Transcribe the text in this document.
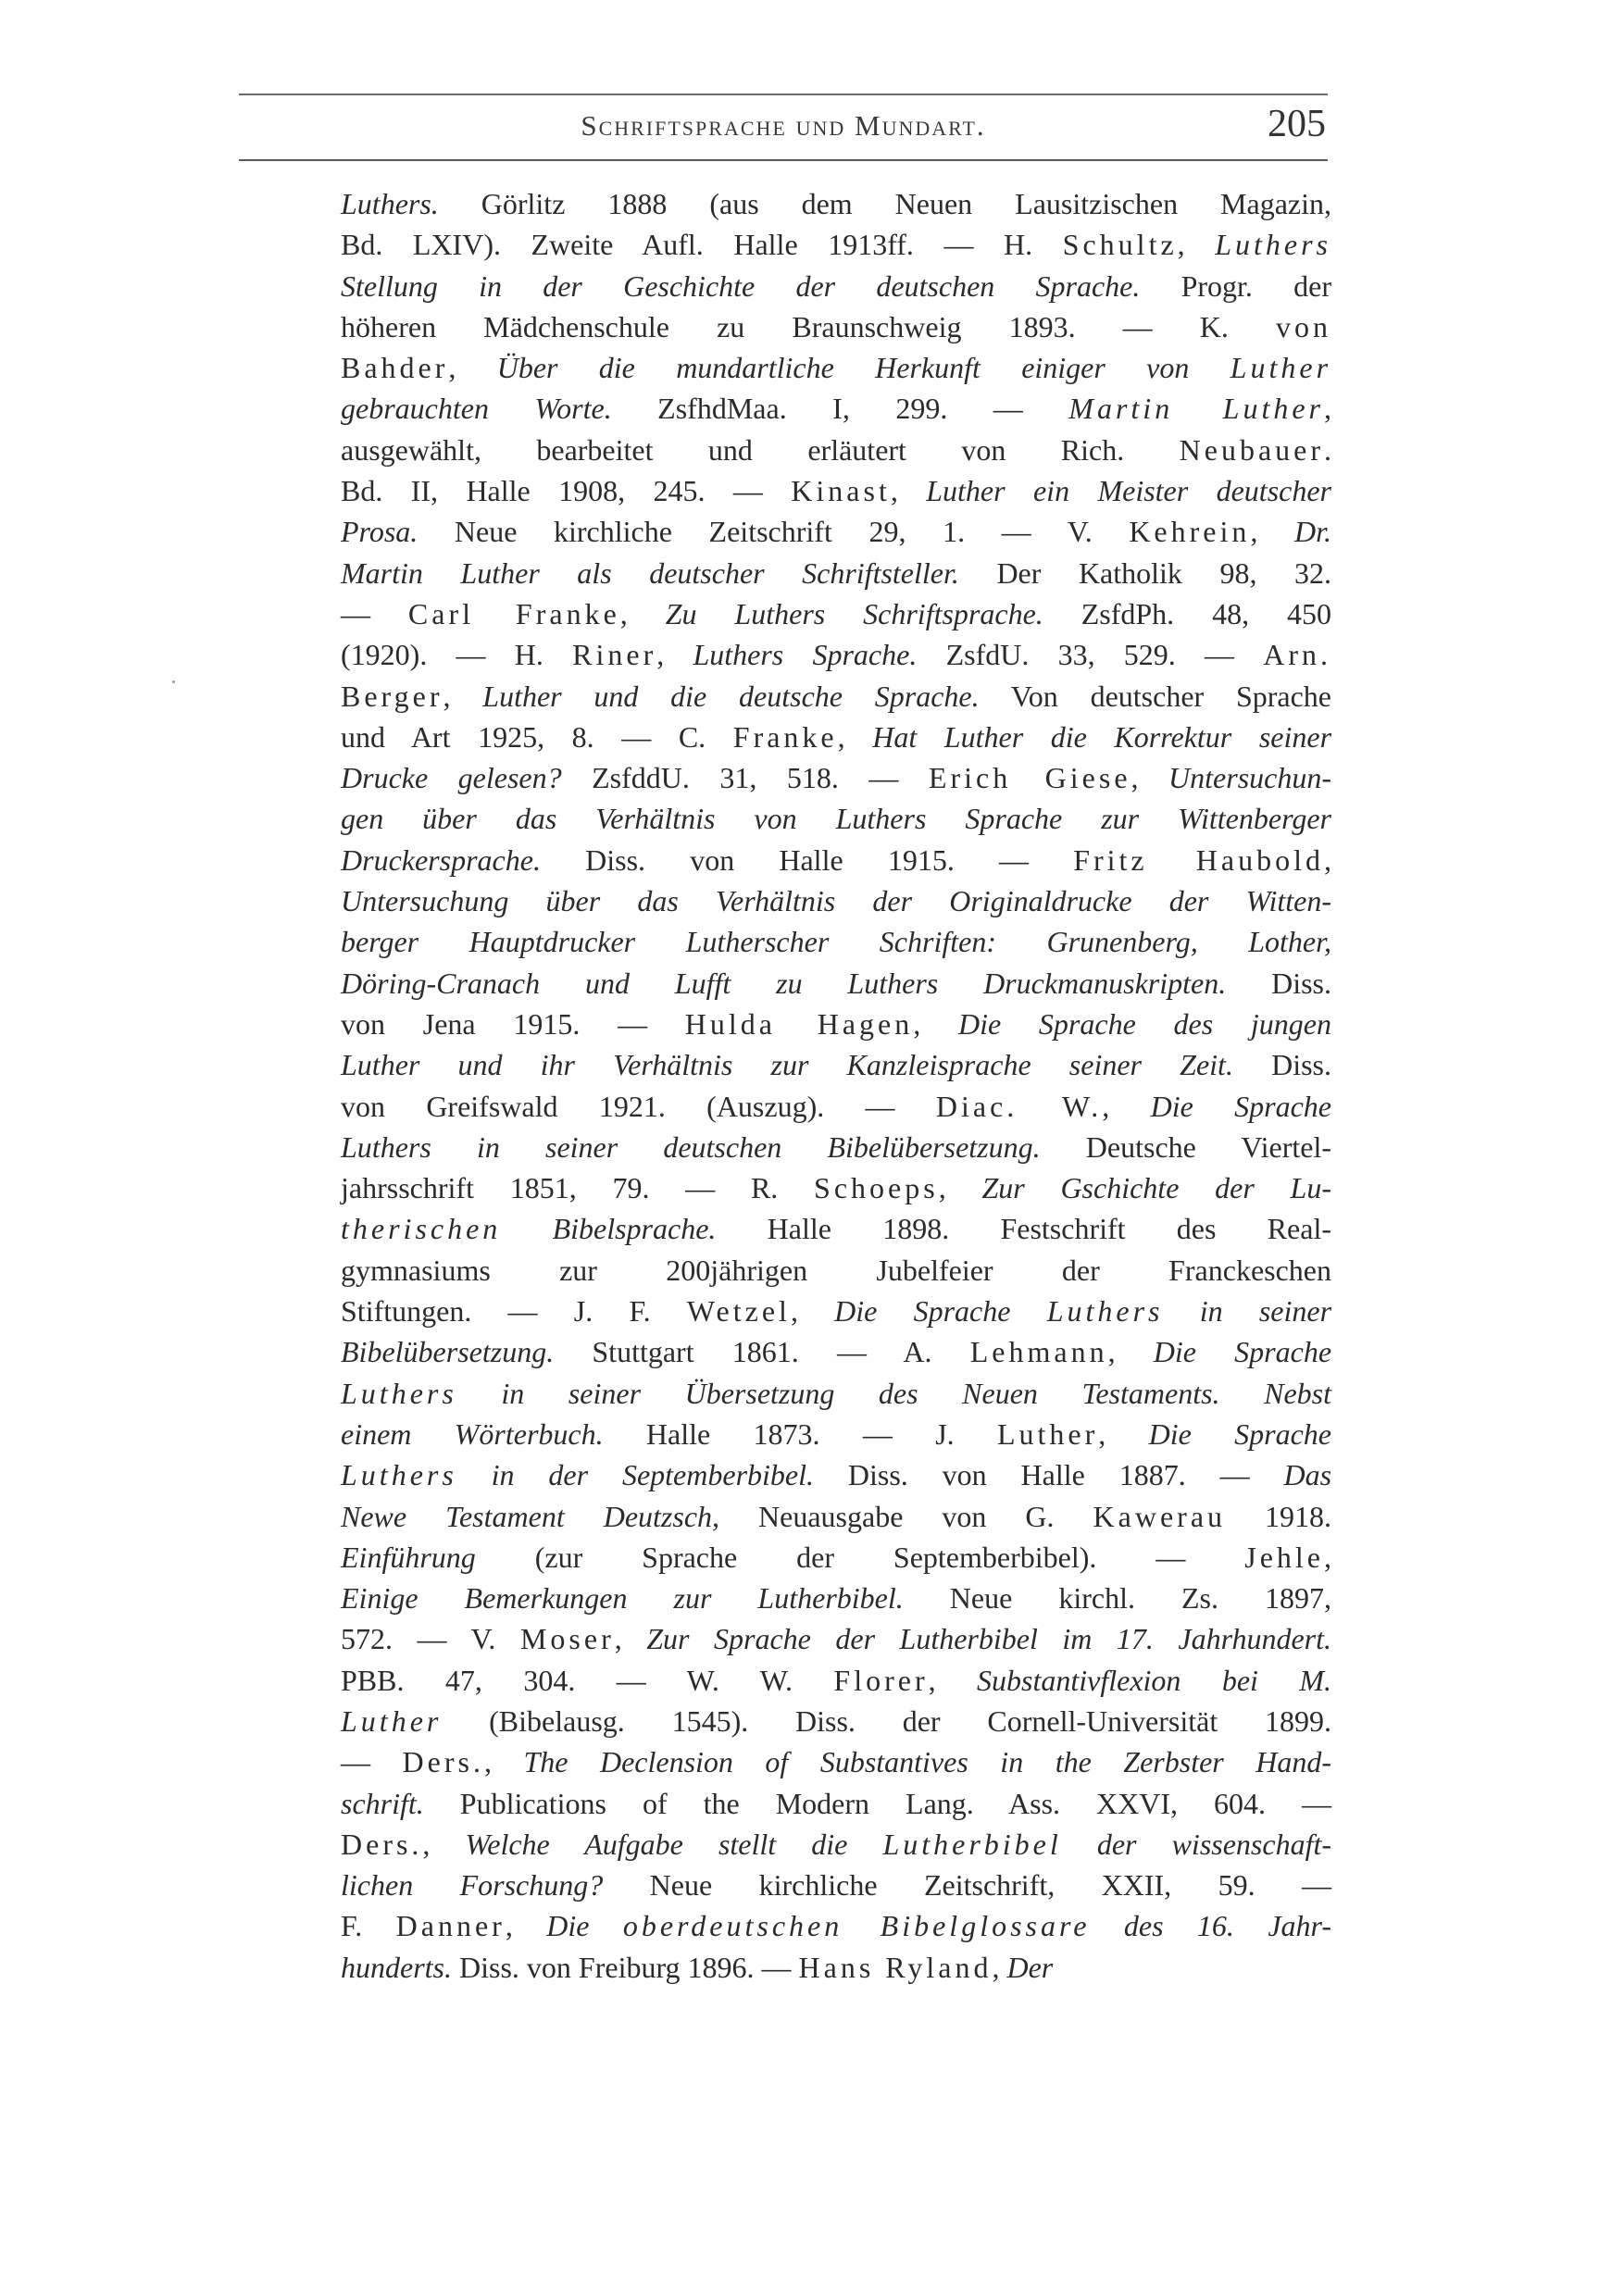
Schriftsprache und Mundart.	205
Luthers. Görlitz 1888 (aus dem Neuen Lausitzischen Magazin,
Bd. LXIV). Zweite Aufl. Halle 1913ff. — H. Schultz, Luthers
Stellung in der Geschichte der deutschen Sprache. Progr. der
höheren Mädchenschule zu Braunschweig 1893. — K. von
Bahder, Über die mundartliche Herkunft einiger von Luther
gebrauchten Worte. ZsfhdMaa. I, 299. — Martin Luther,
ausgewählt, bearbeitet und erläutert von Rich. Neubauer.
Bd. II, Halle 1908, 245. — Kinast, Luther ein Meister deutscher
Prosa. Neue kirchliche Zeitschrift 29, 1. — V. Kehrein, Dr.
Martin Luther als deutscher Schriftsteller. Der Katholik 98, 32.
— Carl Franke, Zu Luthers Schriftsprache. ZsfdPh. 48, 450
(1920). — H. Riner, Luthers Sprache. ZsfdU. 33, 529. — Arn.
Berger, Luther und die deutsche Sprache. Von deutscher Sprache
und Art 1925, 8. — C. Franke, Hat Luther die Korrektur seiner
Drucke gelesen? ZsfddU. 31, 518. — Erich Giese, Untersuchun-
gen über das Verhältnis von Luthers Sprache zur Wittenberger
Druckersprache. Diss. von Halle 1915. — Fritz Haubold,
Untersuchung über das Verhältnis der Originaldrucke der Witten-
berger Hauptdrucker Lutherscher Schriften: Grunenberg, Lother,
Döring-Cranach und Lufft zu Luthers Druckmanuskripten. Diss.
von Jena 1915. — Hulda Hagen, Die Sprache des jungen
Luther und ihr Verhältnis zur Kanzleisprache seiner Zeit. Diss.
von Greifswald 1921. (Auszug). — Diac. W., Die Sprache
Luthers in seiner deutschen Bibelübersetzung. Deutsche Viertel-
jahrsschrift 1851, 79. — R. Schoeps, Zur Gschichte der Lu-
therischen Bibelsprache. Halle 1898. Festschrift des Real-
gymnasiums zur 200jährigen Jubelfeier der Franckeschen
Stiftungen. — J. F. Wetzel, Die Sprache Luthers in seiner
Bibelübersetzung. Stuttgart 1861. — A. Lehmann, Die Sprache
Luthers in seiner Übersetzung des Neuen Testaments. Nebst
einem Wörterbuch. Halle 1873. — J. Luther, Die Sprache
Luthers in der Septemberbibel. Diss. von Halle 1887. — Das
Newe Testament Deutzsch, Neuausgabe von G. Kawerau 1918.
Einführung (zur Sprache der Septemberbibel). — Jehle,
Einige Bemerkungen zur Lutherbibel. Neue kirchl. Zs. 1897,
572. — V. Moser, Zur Sprache der Lutherbibel im 17. Jahrhundert.
PBB. 47, 304. — W. W. Florer, Substantivflexion bei M.
Luther (Bibelausg. 1545). Diss. der Cornell-Universität 1899.
— Ders., The Declension of Substantives in the Zerbster Hand-
schrift. Publications of the Modern Lang. Ass. XXVI, 604. —
Ders., Welche Aufgabe stellt die Lutherbibel der wissenschaft-
lichen Forschung? Neue kirchliche Zeitschrift, XXII, 59. —
F. Danner, Die oberdeutschen Bibelglossare des 16. Jahr-
hunderts. Diss. von Freiburg 1896. — Hans Ryland, Der
